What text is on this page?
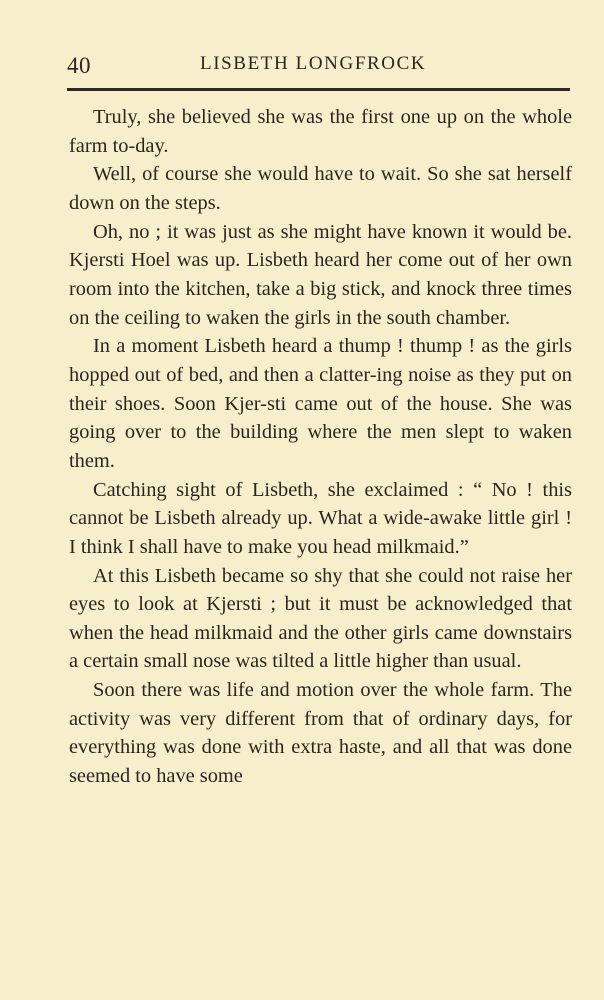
40	LISBETH LONGFROCK

Truly, she believed she was the first one up on the whole farm to-day.

Well, of course she would have to wait. So she sat herself down on the steps.

Oh, no ; it was just as she might have known it would be. Kjersti Hoel was up. Lisbeth heard her come out of her own room into the kitchen, take a big stick, and knock three times on the ceiling to waken the girls in the south chamber.

In a moment Lisbeth heard a thump ! thump ! as the girls hopped out of bed, and then a clatter-ing noise as they put on their shoes. Soon Kjer-sti came out of the house. She was going over to the building where the men slept to waken them.

Catching sight of Lisbeth, she exclaimed : “ No ! this cannot be Lisbeth already up. What a wide-awake little girl ! I think I shall have to make you head milkmaid.”

At this Lisbeth became so shy that she could not raise her eyes to look at Kjersti ; but it must be acknowledged that when the head milkmaid and the other girls came downstairs a certain small nose was tilted a little higher than usual.

Soon there was life and motion over the whole farm. The activity was very different from that of ordinary days, for everything was done with extra haste, and all that was done seemed to have some
